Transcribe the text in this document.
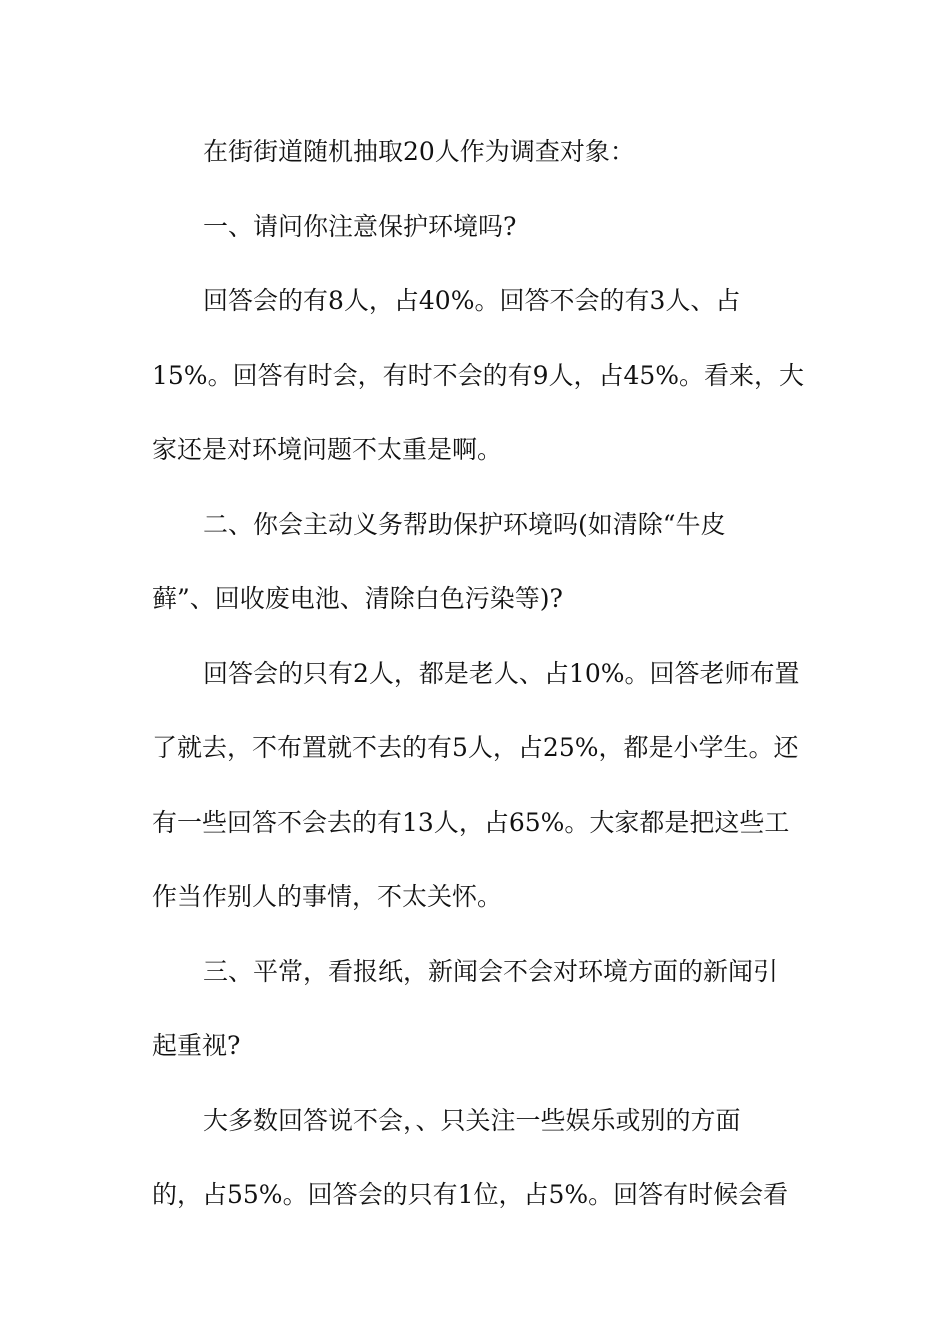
在街街道随机抽取20人作为调查对象：
一、请问你注意保护环境吗?
回答会的有8人，占40%。回答不会的有3人、占
15%。回答有时会，有时不会的有9人，占45%。看来，大
家还是对环境问题不太重是啊。
二、你会主动义务帮助保护环境吗(如清除“牛皮
藓”、回收废电池、清除白色污染等)?
回答会的只有2人，都是老人、占10%。回答老师布置
了就去，不布置就不去的有5人，占25%，都是小学生。还
有一些回答不会去的有13人，占65%。大家都是把这些工
作当作别人的事情，不太关怀。
三、平常，看报纸，新闻会不会对环境方面的新闻引
起重视?
大多数回答说不会，、只关注一些娱乐或别的方面
的，占55%。回答会的只有1位，占5%。回答有时候会看
